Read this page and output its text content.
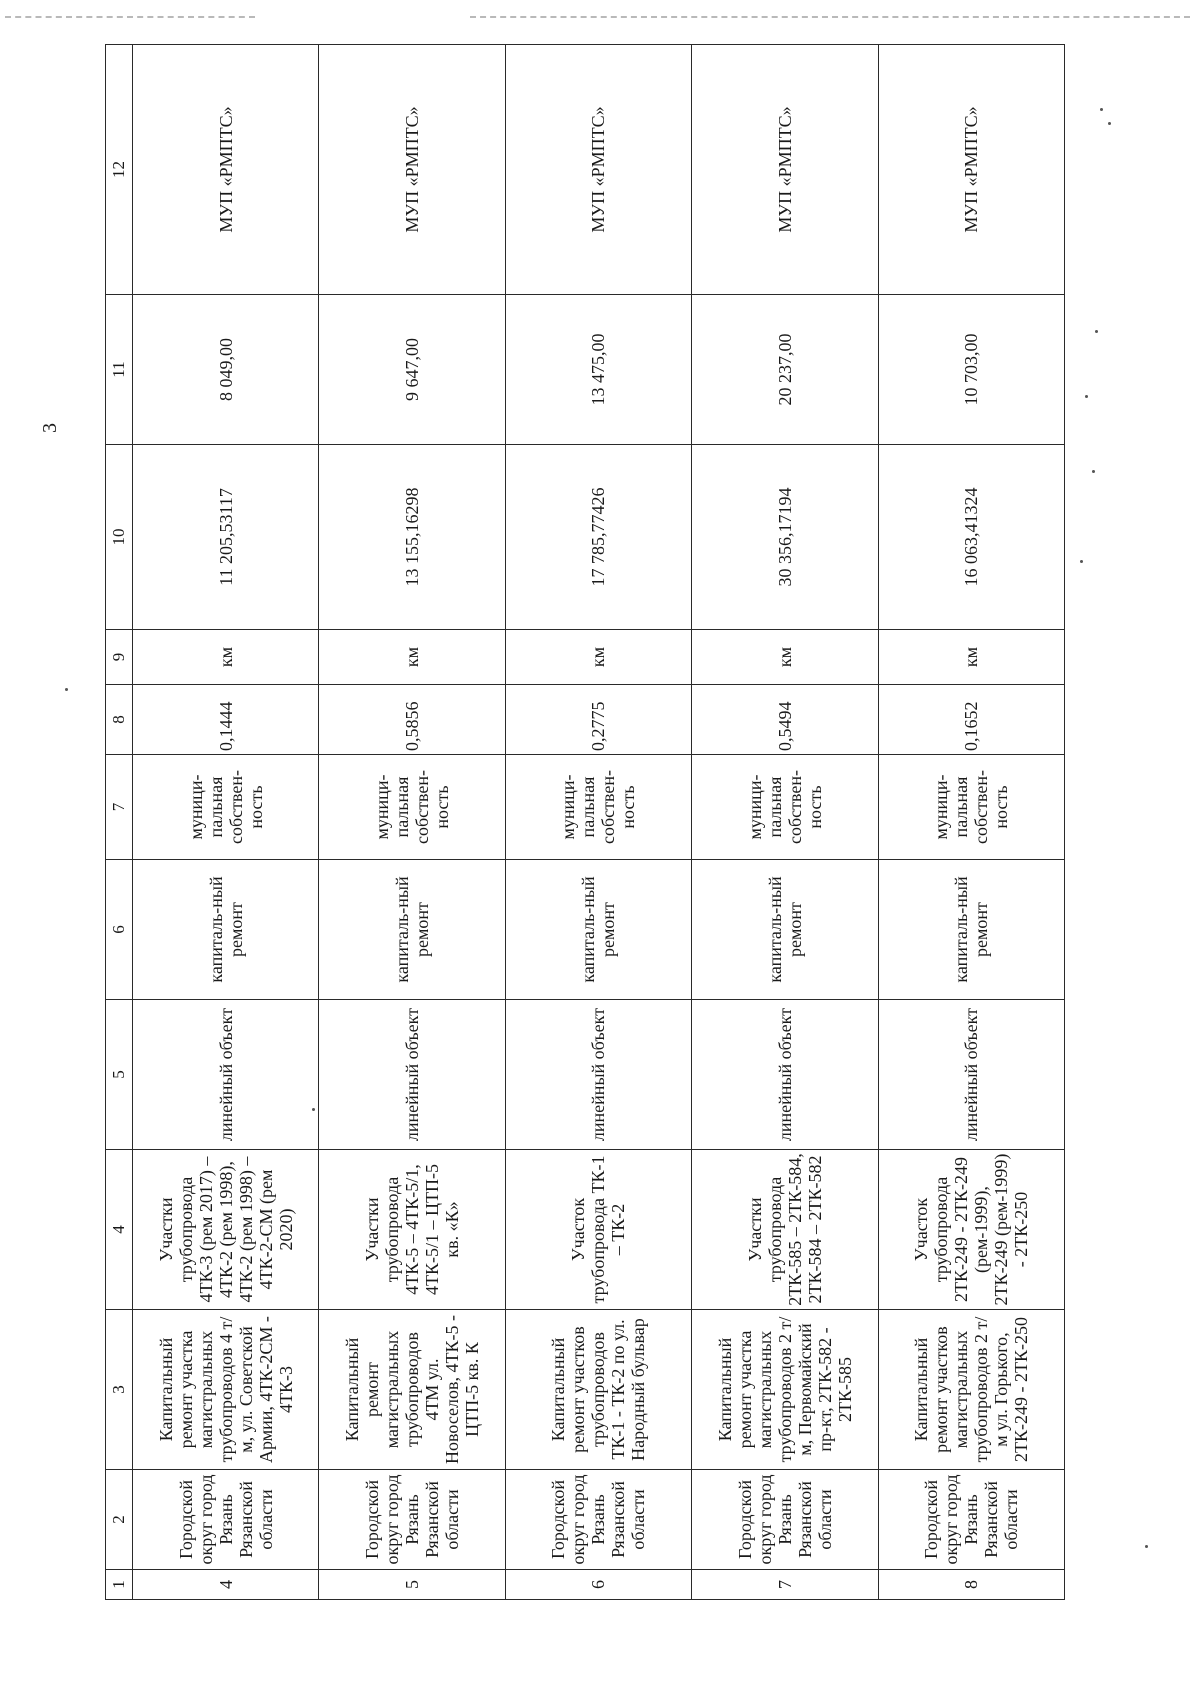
3
1	2	3	4	5	6	7	8	9	10	11	12
4	Городской округ город Рязань Рязанской области	Капитальный ремонт участка магистральных трубопроводов 4 т/м, ул. Советской Армии, 4ТК-2СМ - 4ТК-3	Участки трубопровода 4ТК-3 (рем 2017) – 4ТК-2 (рем 1998), 4ТК-2 (рем 1998) – 4ТК-2-СМ (рем 2020)	линейный объект	капиталь-ный ремонт	муници-пальная собствен-ность	0,1444	км	11 205,53117	8 049,00	МУП «РМПТС»
5	Городской округ город Рязань Рязанской области	Капитальный ремонт магистральных трубопроводов 4ТМ ул. Новоселов, 4ТК-5 - ЦТП-5 кв. К	Участки трубопровода 4ТК-5 – 4ТК-5/1, 4ТК-5/1 – ЦТП-5 кв. «К»	линейный объект	капиталь-ный ремонт	муници-пальная собствен-ность	0,5856	км	13 155,16298	9 647,00	МУП «РМПТС»
6	Городской округ город Рязань Рязанской области	Капитальный ремонт участков трубопроводов ТК-1 - ТК-2 по ул. Народный бульвар	Участок трубопровода ТК-1 – ТК-2	линейный объект	капиталь-ный ремонт	муници-пальная собствен-ность	0,2775	км	17 785,77426	13 475,00	МУП «РМПТС»
7	Городской округ город Рязань Рязанской области	Капитальный ремонт участка магистральных трубопроводов 2 т/м, Первомайский пр-кт, 2ТК-582 - 2ТК-585	Участки трубопровода 2ТК-585 – 2ТК-584, 2ТК-584 – 2ТК-582	линейный объект	капиталь-ный ремонт	муници-пальная собствен-ность	0,5494	км	30 356,17194	20 237,00	МУП «РМПТС»
8	Городской округ город Рязань Рязанской области	Капитальный ремонт участков магистральных трубопроводов 2 т/м ул. Горького, 2ТК-249 - 2ТК-250	Участок трубопровода 2ТК-249 - 2ТК-249 (рем-1999), 2ТК-249 (рем-1999) - 2ТК-250	линейный объект	капиталь-ный ремонт	муници-пальная собствен-ность	0,1652	км	16 063,41324	10 703,00	МУП «РМПТС»
